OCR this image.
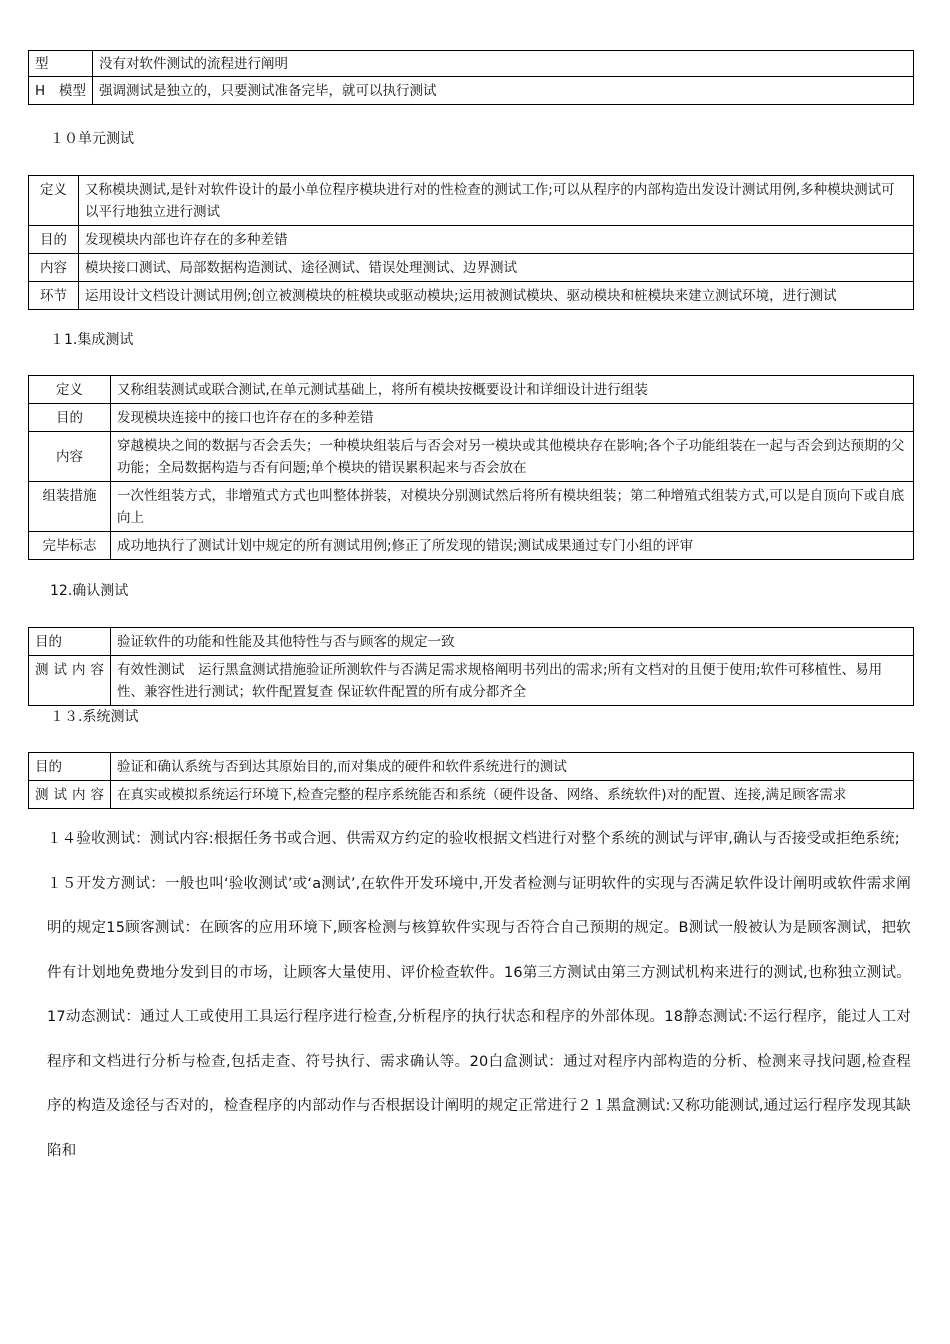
型	没有对软件测试的流程进行阐明
H　模型	强调测试是独立的，只要测试准备完毕，就可以执行测试
１０单元测试
定义	又称模块测试,是针对软件设计的最小单位程序模块进行对的性检查的测试工作;可以从程序的内部构造出发设计测试用例,多种模块测试可以平行地独立进行测试
目的	发现模块内部也许存在的多种差错
内容	模块接口测试、局部数据构造测试、途径测试、错误处理测试、边界测试
环节	运用设计文档设计测试用例;创立被测模块的桩模块或驱动模块;运用被测试模块、驱动模块和桩模块来建立测试环境，进行测试
１1.集成测试
定义	又称组装测试或联合测试,在单元测试基础上，将所有模块按概要设计和详细设计进行组装
目的	发现模块连接中的接口也许存在的多种差错
内容	穿越模块之间的数据与否会丢失；一种模块组装后与否会对另一模块或其他模块存在影响;各个子功能组装在一起与否会到达预期的父功能；全局数据构造与否有问题;单个模块的错误累积起来与否会放在
组装措施	一次性组装方式，非增殖式方式也叫整体拼装，对模块分别测试然后将所有模块组装；第二种增殖式组装方式,可以是自顶向下或自底向上
完毕标志	成功地执行了测试计划中规定的所有测试用例;修正了所发现的错误;测试成果通过专门小组的评审
12.确认测试
目的	验证软件的功能和性能及其他特性与否与顾客的规定一致
测试内容	有效性测试　运行黑盒测试措施验证所测软件与否满足需求规格阐明书列出的需求;所有文档对的且便于使用;软件可移植性、易用性、兼容性进行测试；软件配置复查 保证软件配置的所有成分都齐全
１３.系统测试
目的	验证和确认系统与否到达其原始目的,而对集成的硬件和软件系统进行的测试
测试内容	在真实或模拟系统运行环境下,检查完整的程序系统能否和系统（硬件设备、网络、系统软件)对的配置、连接,满足顾客需求
１４验收测试：测试内容:根据任务书或合迥、供需双方约定的验收根据文档进行对整个系统的测试与评审,确认与否接受或拒绝系统;
１５开发方测试：一般也叫‘验收测试’或‘a测试’,在软件开发环境中,开发者检测与证明软件的实现与否满足软件设计阐明或软件需求阐明的规定15顾客测试：在顾客的应用环境下,顾客检测与核算软件实现与否符合自己预期的规定。B测试一般被认为是顾客测试，把软件有计划地免费地分发到目的市场，让顾客大量使用、评价检查软件。16第三方测试由第三方测试机构来进行的测试,也称独立测试。17动态测试：通过人工或使用工具运行程序进行检查,分析程序的执行状态和程序的外部体现。18静态测试:不运行程序，能过人工对程序和文档进行分析与检查,包括走查、符号执行、需求确认等。20白盒测试：通过对程序内部构造的分析、检测来寻找问题,检查程序的构造及途径与否对的，检查程序的内部动作与否根据设计阐明的规定正常进行２１黑盒测试:又称功能测试,通过运行程序发现其缺陷和
